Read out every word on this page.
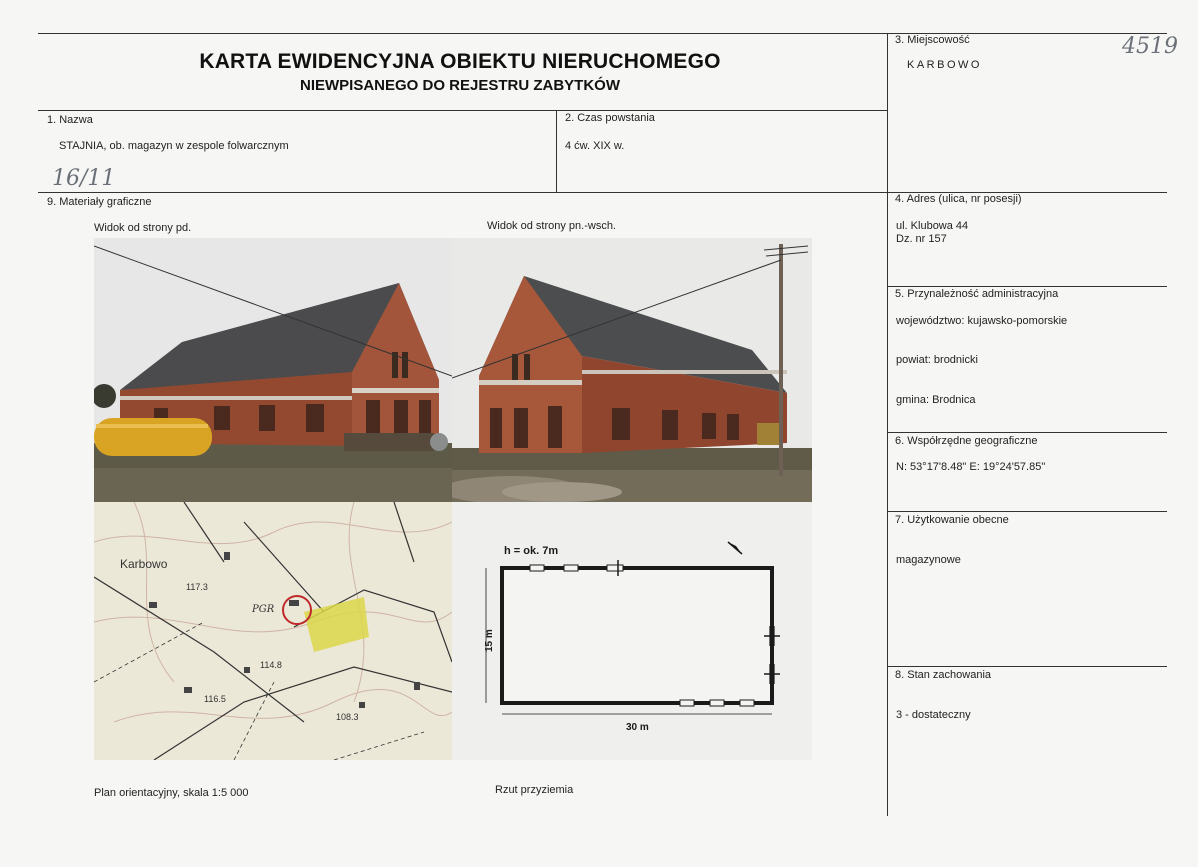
KARTA EWIDENCYJNA OBIEKTU NIERUCHOMEGO
NIEWPISANEGO DO REJESTRU ZABYTKÓW
4519
16/11
1. Nazwa
STAJNIA, ob. magazyn w zespole folwarcznym
2. Czas powstania
4 ćw. XIX w.
3. Miejscowość
KARBOWO
4. Adres (ulica, nr posesji)
ul. Klubowa 44
Dz. nr 157
5. Przynależność administracyjna
województwo: kujawsko-pomorskie
powiat: brodnicki
gmina: Brodnica
6. Współrzędne geograficzne
N: 53°17'8.48" E: 19°24'57.85"
7. Użytkowanie obecne
magazynowe
8. Stan zachowania
3 - dostateczny
9. Materiały graficzne
Widok od strony pd.	Widok od strony pn.-wsch.
Plan orientacyjny, skala 1:5 000	Rzut przyziemia
Karbowo
PGR
117.3
114.8
116.5
108.3
h = ok. 7m
30 m
15 m
